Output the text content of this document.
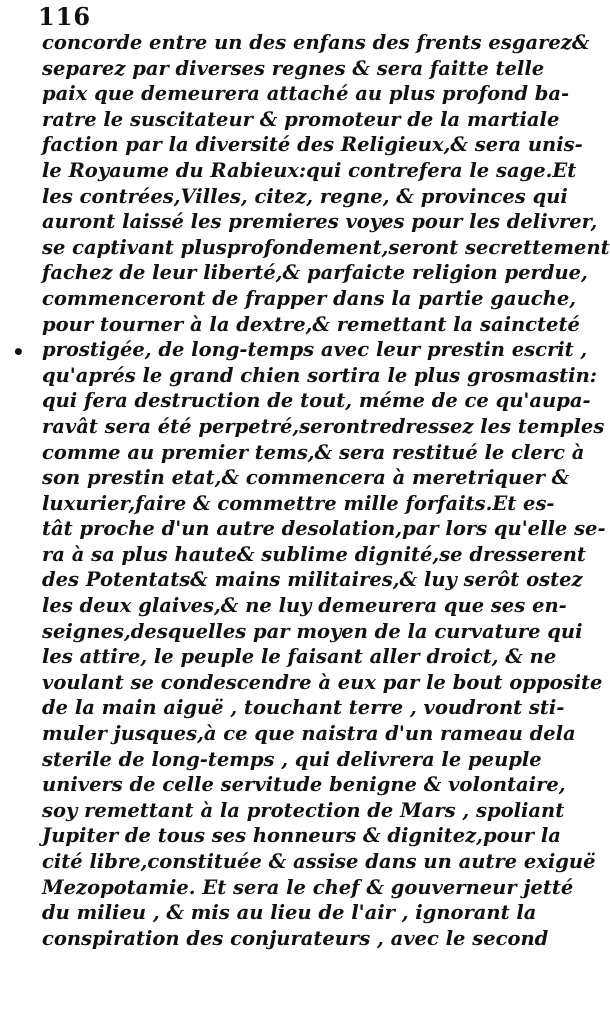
116
•
concorde entre un des enfans des frents esgarez&
separez par diverses regnes & sera faitte telle
paix que demeurera attaché au plus profond ba-
ratre le suscitateur & promoteur de la martiale
faction par la diversité des Religieux,& sera unis-
le Royaume du Rabieux:qui contrefera le sage.Et
les contrées,Villes, citez, regne, & provinces qui
auront laissé les premieres voyes pour les delivrer,
se captivant plusprofondement,seront secrettement
fachez de leur liberté,& parfaicte religion perdue,
commenceront de frapper dans la partie gauche,
pour tourner à la dextre,& remettant la saincteté
prostigée, de long-temps avec leur prestin escrit ,
qu'aprés le grand chien sortira le plus grosmastin:
qui fera destruction de tout, méme de ce qu'aupa-
ravât sera été perpetré,serontredressez les temples
comme au premier tems,& sera restitué le clerc à
son prestin etat,& commencera à meretriquer &
luxurier,faire & commettre mille forfaits.Et es-
tât proche d'un autre desolation,par lors qu'elle se-
ra à sa plus haute& sublime dignité,se dresserent
des Potentats& mains militaires,& luy serôt ostez
les deux glaives,& ne luy demeurera que ses en-
seignes,desquelles par moyen de la curvature qui
les attire, le peuple le faisant aller droict, & ne
voulant se condescendre à eux par le bout opposite
de la main aiguë , touchant terre , voudront sti-
muler jusques,à ce que naistra d'un rameau dela
sterile de long-temps , qui delivrera le peuple
univers de celle servitude benigne & volontaire,
soy remettant à la protection de Mars , spoliant
Jupiter de tous ses honneurs & dignitez,pour la
cité libre,constituée & assise dans un autre exiguë
Mezopotamie. Et sera le chef & gouverneur jetté
du milieu , & mis au lieu de l'air , ignorant la
conspiration des conjurateurs , avec le second
